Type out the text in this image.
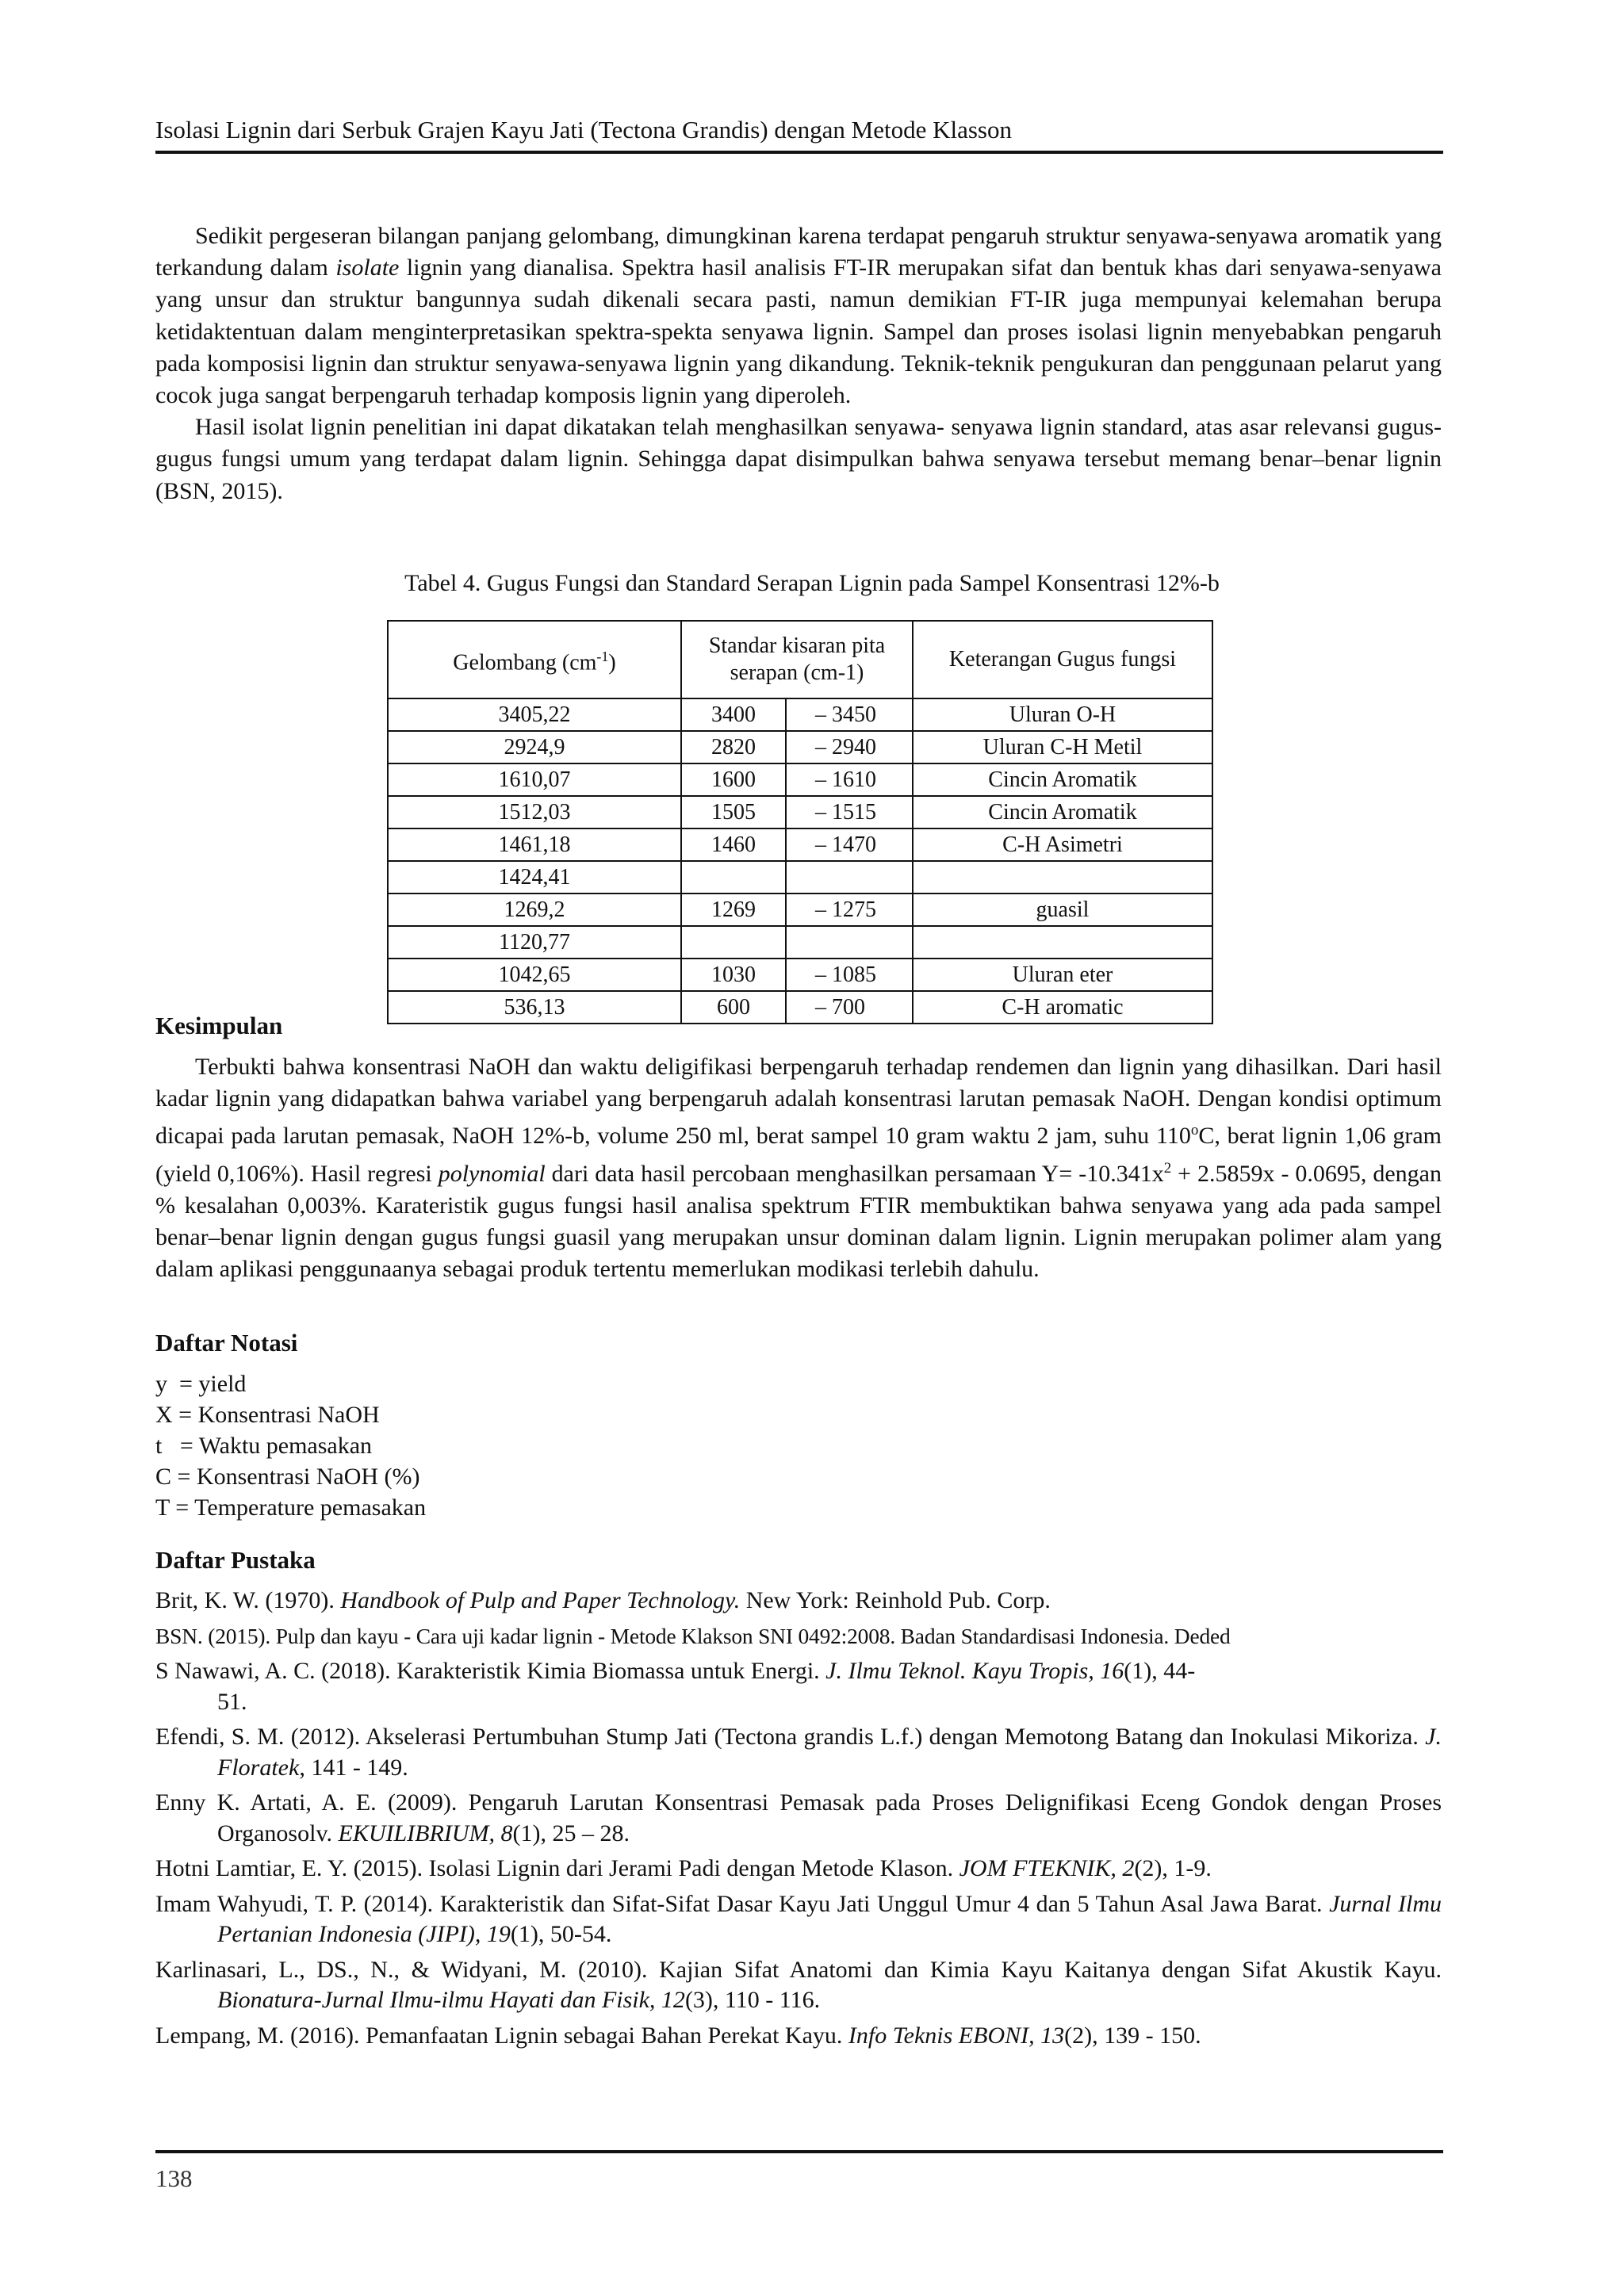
Isolasi Lignin dari Serbuk Grajen Kayu Jati (Tectona Grandis) dengan Metode Klasson

Sedikit pergeseran bilangan panjang gelombang, dimungkinan karena terdapat pengaruh struktur senyawa-senyawa aromatik yang terkandung dalam isolate lignin yang dianalisa. Spektra hasil analisis FT-IR merupakan sifat dan bentuk khas dari senyawa-senyawa yang unsur dan struktur bangunnya sudah dikenali secara pasti, namun demikian FT-IR juga mempunyai kelemahan berupa ketidaktentuan dalam menginterpretasikan spektra-spekta senyawa lignin. Sampel dan proses isolasi lignin menyebabkan pengaruh pada komposisi lignin dan struktur senyawa-senyawa lignin yang dikandung. Teknik-teknik pengukuran dan penggunaan pelarut yang cocok juga sangat berpengaruh terhadap komposis lignin yang diperoleh.

Hasil isolat lignin penelitian ini dapat dikatakan telah menghasilkan senyawa- senyawa lignin standard, atas asar relevansi gugus-gugus fungsi umum yang terdapat dalam lignin. Sehingga dapat disimpulkan bahwa senyawa tersebut memang benar–benar lignin (BSN, 2015).

Tabel 4. Gugus Fungsi dan Standard Serapan Lignin pada Sampel Konsentrasi 12%-b
Gelombang $(cm^{-1})$	Standar kisaran pita serapan (cm-1)		Keterangan Gugus fungsi
3405,22	3400	– 3450	Uluran O-H
2924,9	2820	– 2940	Uluran C-H Metil
1610,07	1600	– 1610	Cincin Aromatik
1512,03	1505	– 1515	Cincin Aromatik
1461,18	1460	– 1470	C-H Asimetri
1424,41			
1269,2	1269	– 1275	guasil
1120,77			
1042,65	1030	– 1085	Uluran eter
536,13	600	– 700	C-H aromatic
Kesimpulan

Terbukti bahwa konsentrasi NaOH dan waktu deligifikasi berpengaruh terhadap rendemen dan lignin yang dihasilkan. Dari hasil kadar lignin yang didapatkan bahwa variabel yang berpengaruh adalah konsentrasi larutan pemasak NaOH. Dengan kondisi optimum dicapai pada larutan pemasak, NaOH 12%-b, volume 250 ml, berat sampel 10 gram waktu 2 jam, suhu 110$^o$C, berat lignin 1,06 gram (yield 0,106%). Hasil regresi polynomial dari data hasil percobaan menghasilkan persamaan $Y= -10.341x^2 + 2.5859x - 0.0695$, dengan % kesalahan 0,003%. Karateristik gugus fungsi hasil analisa spektrum FTIR membuktikan bahwa senyawa yang ada pada sampel benar–benar lignin dengan gugus fungsi guasil yang merupakan unsur dominan dalam lignin. Lignin merupakan polimer alam yang dalam aplikasi penggunaanya sebagai produk tertentu memerlukan modikasi terlebih dahulu.

Daftar Notasi
y  = yield
X = Konsentrasi NaOH
t   = Waktu pemasakan
C = Konsentrasi NaOH (%)
T = Temperature pemasakan
Daftar Pustaka

Brit, K. W. (1970). Handbook of Pulp and Paper Technology. New York: Reinhold Pub. Corp.

BSN. (2015). Pulp dan kayu - Cara uji kadar lignin - Metode Klakson SNI 0492:2008. Badan Standardisasi Indonesia. Deded

S Nawawi, A. C. (2018). Karakteristik Kimia Biomassa untuk Energi. J. Ilmu Teknol. Kayu Tropis, 16(1), 44-

51.

Efendi, S. M. (2012). Akselerasi Pertumbuhan Stump Jati (Tectona grandis L.f.) dengan Memotong Batang dan Inokulasi Mikoriza. J. Floratek, 141 - 149.

Enny K. Artati, A. E. (2009). Pengaruh Larutan Konsentrasi Pemasak pada Proses Delignifikasi Eceng Gondok dengan Proses Organosolv. EKUILIBRIUM, 8(1), 25 – 28.

Hotni Lamtiar, E. Y. (2015). Isolasi Lignin dari Jerami Padi dengan Metode Klason. JOM FTEKNIK, 2(2), 1-9.

Imam Wahyudi, T. P. (2014). Karakteristik dan Sifat-Sifat Dasar Kayu Jati Unggul Umur 4 dan 5 Tahun Asal Jawa Barat. Jurnal Ilmu Pertanian Indonesia (JIPI), 19(1), 50-54.

Karlinasari, L., DS., N., & Widyani, M. (2010). Kajian Sifat Anatomi dan Kimia Kayu Kaitanya dengan Sifat Akustik Kayu. Bionatura-Jurnal Ilmu-ilmu Hayati dan Fisik, 12(3), 110 - 116.

Lempang, M. (2016). Pemanfaatan Lignin sebagai Bahan Perekat Kayu. Info Teknis EBONI, 13(2), 139 - 150.

138
